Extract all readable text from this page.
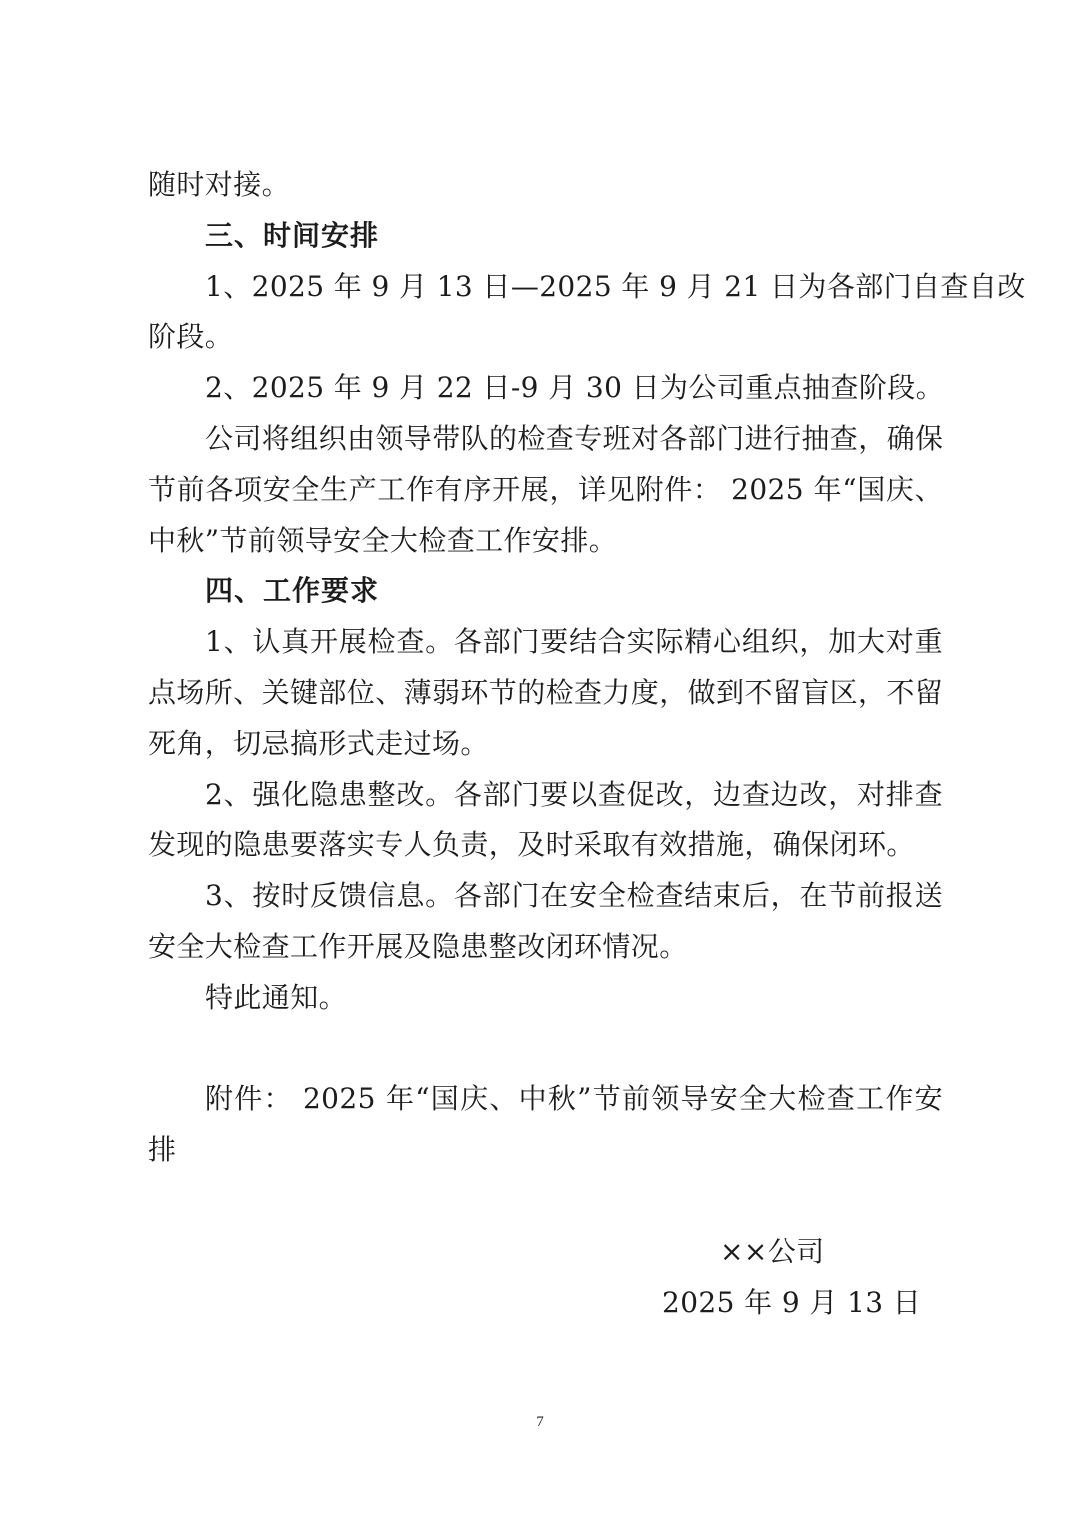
随时对接。
三、时间安排
1、2025 年 9 月 13 日—2025 年 9 月 21 日为各部门自查自改
阶段。
2、2025 年 9 月 22 日-9 月 30 日为公司重点抽查阶段。
公司将组织由领导带队的检查专班对各部门进行抽查，确保
节前各项安全生产工作有序开展，详见附件： 2025 年“国庆、
中秋”节前领导安全大检查工作安排。
四、工作要求
1、认真开展检查。各部门要结合实际精心组织，加大对重
点场所、关键部位、薄弱环节的检查力度，做到不留盲区，不留
死角，切忌搞形式走过场。
2、强化隐患整改。各部门要以查促改，边查边改，对排查
发现的隐患要落实专人负责，及时采取有效措施，确保闭环。
3、按时反馈信息。各部门在安全检查结束后，在节前报送
安全大检查工作开展及隐患整改闭环情况。
特此通知。
附件： 2025 年“国庆、中秋”节前领导安全大检查工作安
排
××公司
2025 年 9 月 13 日
7
